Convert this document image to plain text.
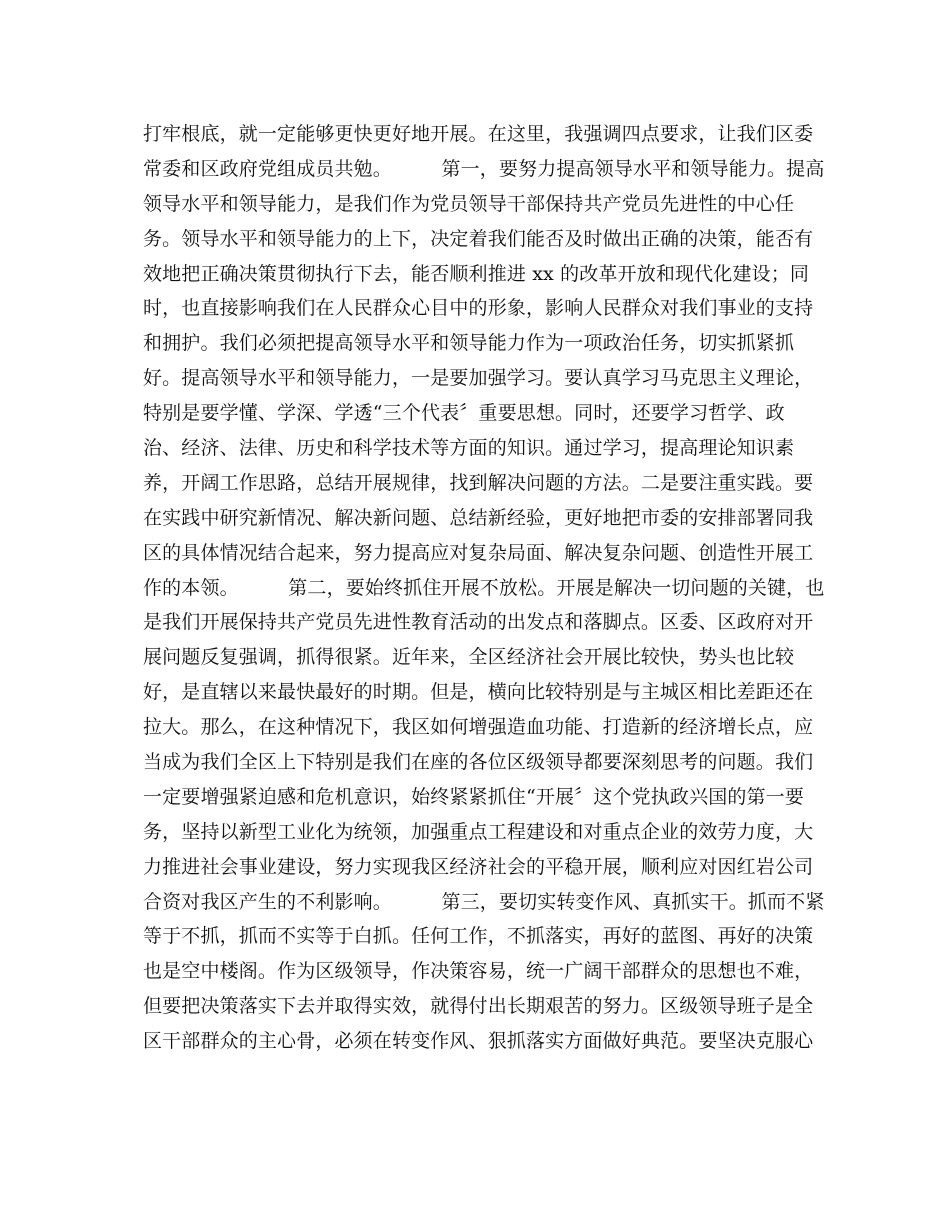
打牢根底，就一定能够更快更好地开展。在这里，我强调四点要求，让我们区委
常委和区政府党组成员共勉。        第一，要努力提高领导水平和领导能力。提高
领导水平和领导能力，是我们作为党员领导干部保持共产党员先进性的中心任
务。领导水平和领导能力的上下，决定着我们能否及时做出正确的决策，能否有
效地把正确决策贯彻执行下去，能否顺利推进 xx 的改革开放和现代化建设；同
时，也直接影响我们在人民群众心目中的形象，影响人民群众对我们事业的支持
和拥护。我们必须把提高领导水平和领导能力作为一项政治任务，切实抓紧抓
好。提高领导水平和领导能力，一是要加强学习。要认真学习马克思主义理论，
特别是要学懂、学深、学透“三个代表〞重要思想。同时，还要学习哲学、政
治、经济、法律、历史和科学技术等方面的知识。通过学习，提高理论知识素
养，开阔工作思路，总结开展规律，找到解决问题的方法。二是要注重实践。要
在实践中研究新情况、解决新问题、总结新经验，更好地把市委的安排部署同我
区的具体情况结合起来，努力提高应对复杂局面、解决复杂问题、创造性开展工
作的本领。        第二，要始终抓住开展不放松。开展是解决一切问题的关键，也
是我们开展保持共产党员先进性教育活动的出发点和落脚点。区委、区政府对开
展问题反复强调，抓得很紧。近年来，全区经济社会开展比较快，势头也比较
好，是直辖以来最快最好的时期。但是，横向比较特别是与主城区相比差距还在
拉大。那么，在这种情况下，我区如何增强造血功能、打造新的经济增长点，应
当成为我们全区上下特别是我们在座的各位区级领导都要深刻思考的问题。我们
一定要增强紧迫感和危机意识，始终紧紧抓住“开展〞这个党执政兴国的第一要
务，坚持以新型工业化为统领，加强重点工程建设和对重点企业的效劳力度，大
力推进社会事业建设，努力实现我区经济社会的平稳开展，顺利应对因红岩公司
合资对我区产生的不利影响。        第三，要切实转变作风、真抓实干。抓而不紧
等于不抓，抓而不实等于白抓。任何工作，不抓落实，再好的蓝图、再好的决策
也是空中楼阁。作为区级领导，作决策容易，统一广阔干部群众的思想也不难，
但要把决策落实下去并取得实效，就得付出长期艰苦的努力。区级领导班子是全
区干部群众的主心骨，必须在转变作风、狠抓落实方面做好典范。要坚决克服心
